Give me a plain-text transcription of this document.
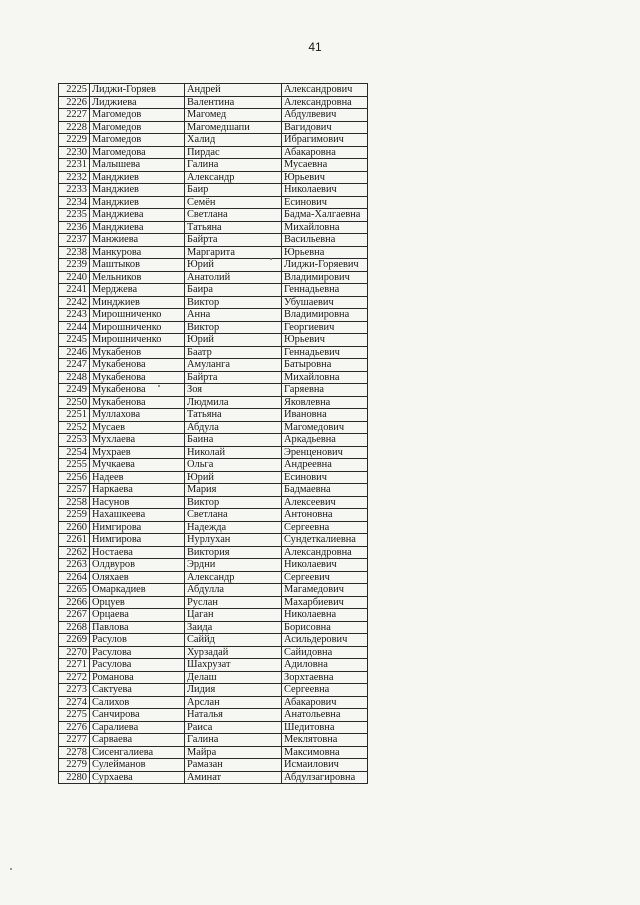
41
2225	Лиджи-Горяев	Андрей	Александрович
2226	Лиджиева	Валентина	Александровна
2227	Магомедов	Магомед	Абдулвевич
2228	Магомедов	Магомедшапи	Вагидович
2229	Магомедов	Халид	Ибрагимович
2230	Магомедова	Пирдас	Абакаровна
2231	Малышева	Галина	Мусаевна
2232	Манджиев	Александр	Юрьевич
2233	Манджиев	Баир	Николаевич
2234	Манджиев	Семён	Есинович
2235	Манджиева	Светлана	Бадма-Халгаевна
2236	Манджиева	Татьяна	Михайловна
2237	Манжиева	Байрта	Васильевна
2238	Манкурова	Маргарита	Юрьевна
2239	Маштыков	Юрий	Лиджи-Горяевич
2240	Мельников	Анатолий	Владимирович
2241	Мерджева	Баира	Геннадьевна
2242	Минджиев	Виктор	Убушаевич
2243	Мирошниченко	Анна	Владимировна
2244	Мирошниченко	Виктор	Георгиевич
2245	Мирошниченко	Юрий	Юрьевич
2246	Мукабенов	Баатр	Геннадьевич
2247	Мукабенова	Амуланга	Батыровна
2248	Мукабенова	Байрта	Михайловна
2249	Мукабенова	Зоя	Гаряевна
2250	Мукабенова	Людмила	Яковлевна
2251	Муллахова	Татьяна	Ивановна
2252	Мусаев	Абдула	Магомедович
2253	Мухлаева	Баина	Аркадьевна
2254	Мухраев	Николай	Эренценович
2255	Мучкаева	Ольга	Андреевна
2256	Надеев	Юрий	Есинович
2257	Наркаева	Мария	Бадмаевна
2258	Насунов	Виктор	Алексеевич
2259	Нахашкеева	Светлана	Антоновна
2260	Нимгирова	Надежда	Сергеевна
2261	Нимгирова	Нурлухан	Сундеткалиевна
2262	Ностаева	Виктория	Александровна
2263	Олдвуров	Эрдни	Николаевич
2264	Оляхаев	Александр	Сергеевич
2265	Омаркадиев	Абдулла	Магамедович
2266	Орцуев	Руслан	Махарбиевич
2267	Орцаева	Цаган	Николаевна
2268	Павлова	Заида	Борисовна
2269	Расулов	Саййд	Асильдерович
2270	Расулова	Хурзадай	Сайидовна
2271	Расулова	Шахрузат	Адиловна
2272	Романова	Делаш	Зорхтаевна
2273	Сактуева	Лидия	Сергеевна
2274	Салихов	Арслан	Абакарович
2275	Санчирова	Наталья	Анатольевна
2276	Саралиева	Раиса	Шедитовна
2277	Сарваева	Галина	Меклятовна
2278	Сисенгалиева	Майра	Максимовна
2279	Сулейманов	Рамазан	Исмаилович
2280	Сурхаева	Аминат	Абдулзагировна
